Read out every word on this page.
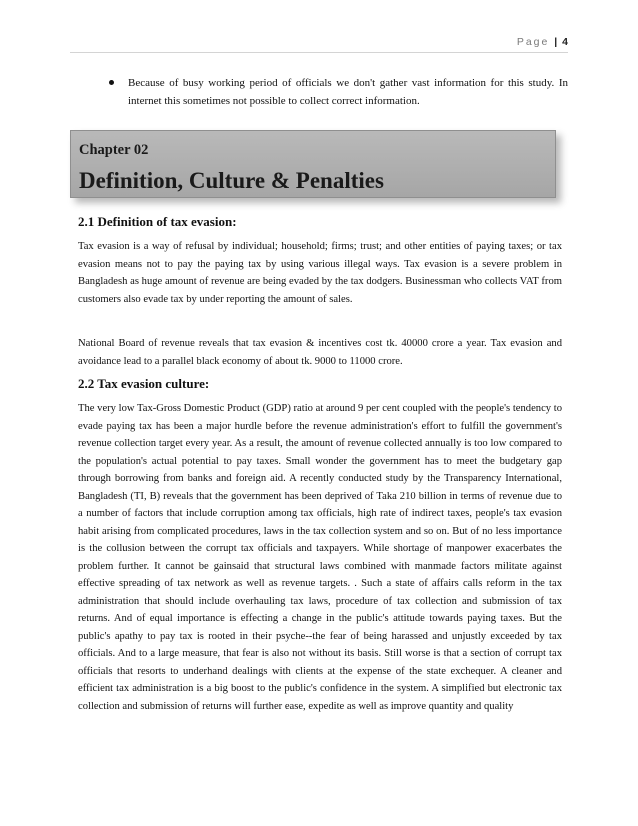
Page | 4

Because of busy working period of officials we don't gather vast information for this study. In internet this sometimes not possible to collect correct information.

Chapter 02
Definition, Culture & Penalties
2.1 Definition of tax evasion:

Tax evasion is a way of refusal by individual; household; firms; trust; and other entities of paying taxes; or tax evasion means not to pay the paying tax by using various illegal ways. Tax evasion is a severe problem in Bangladesh as huge amount of revenue are being evaded by the tax dodgers. Businessman who collects VAT from customers also evade tax by under reporting the amount of sales.

National Board of revenue reveals that tax evasion & incentives cost tk. 40000 crore a year. Tax evasion and avoidance lead to a parallel black economy of about tk. 9000 to 11000 crore.

2.2 Tax evasion culture:

The very low Tax-Gross Domestic Product (GDP) ratio at around 9 per cent coupled with the people's tendency to evade paying tax has been a major hurdle before the revenue administration's effort to fulfill the government's revenue collection target every year. As a result, the amount of revenue collected annually is too low compared to the population's actual potential to pay taxes. Small wonder the government has to meet the budgetary gap through borrowing from banks and foreign aid. A recently conducted study by the Transparency International, Bangladesh (TI, B) reveals that the government has been deprived of Taka 210 billion in terms of revenue due to a number of factors that include corruption among tax officials, high rate of indirect taxes, people's tax evasion habit arising from complicated procedures, laws in the tax collection system and so on. But of no less importance is the collusion between the corrupt tax officials and taxpayers. While shortage of manpower exacerbates the problem further. It cannot be gainsaid that structural laws combined with manmade factors militate against effective spreading of tax network as well as revenue targets. . Such a state of affairs calls reform in the tax administration that should include overhauling tax laws, procedure of tax collection and submission of tax returns. And of equal importance is effecting a change in the public's attitude towards paying taxes. But the public's apathy to pay tax is rooted in their psyche--the fear of being harassed and unjustly exceeded by tax officials. And to a large measure, that fear is also not without its basis. Still worse is that a section of corrupt tax officials that resorts to underhand dealings with clients at the expense of the state exchequer. A cleaner and efficient tax administration is a big boost to the public's confidence in the system. A simplified but electronic tax collection and submission of returns will further ease, expedite as well as improve quantity and quality
